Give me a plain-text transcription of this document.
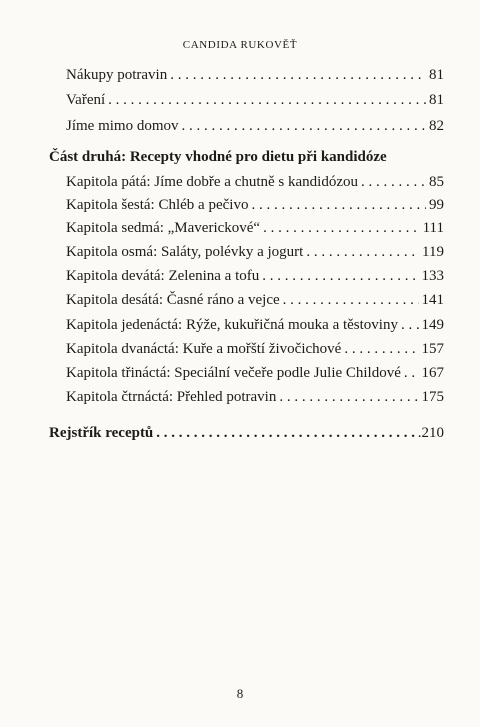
CANDIDA RUKOVĚŤ
Nákupy potravin . . .	81
Vaření . . .	81
Jíme mimo domov . . .	82
Část druhá: Recepty vhodné pro dietu při kandidóze
Kapitola pátá: Jíme dobře a chutně s kandidózou . . .	85
Kapitola šestá: Chléb a pečivo . . .	99
Kapitola sedmá: „Maverickové“ . . .	111
Kapitola osmá: Saláty, polévky a jogurt . . .	119
Kapitola devátá: Zelenina a tofu . . .	133
Kapitola desátá: Časné ráno a vejce . . .	141
Kapitola jedenáctá: Rýže, kukuřičná mouka a těstoviny . . . 149
Kapitola dvanáctá: Kuře a mořští živočichové . . .	157
Kapitola třináctá: Speciální večeře podle Julie Childové . . . 167
Kapitola čtrnáctá: Přehled potravin . . .	175
Rejstřík receptů . . .	.210
8
